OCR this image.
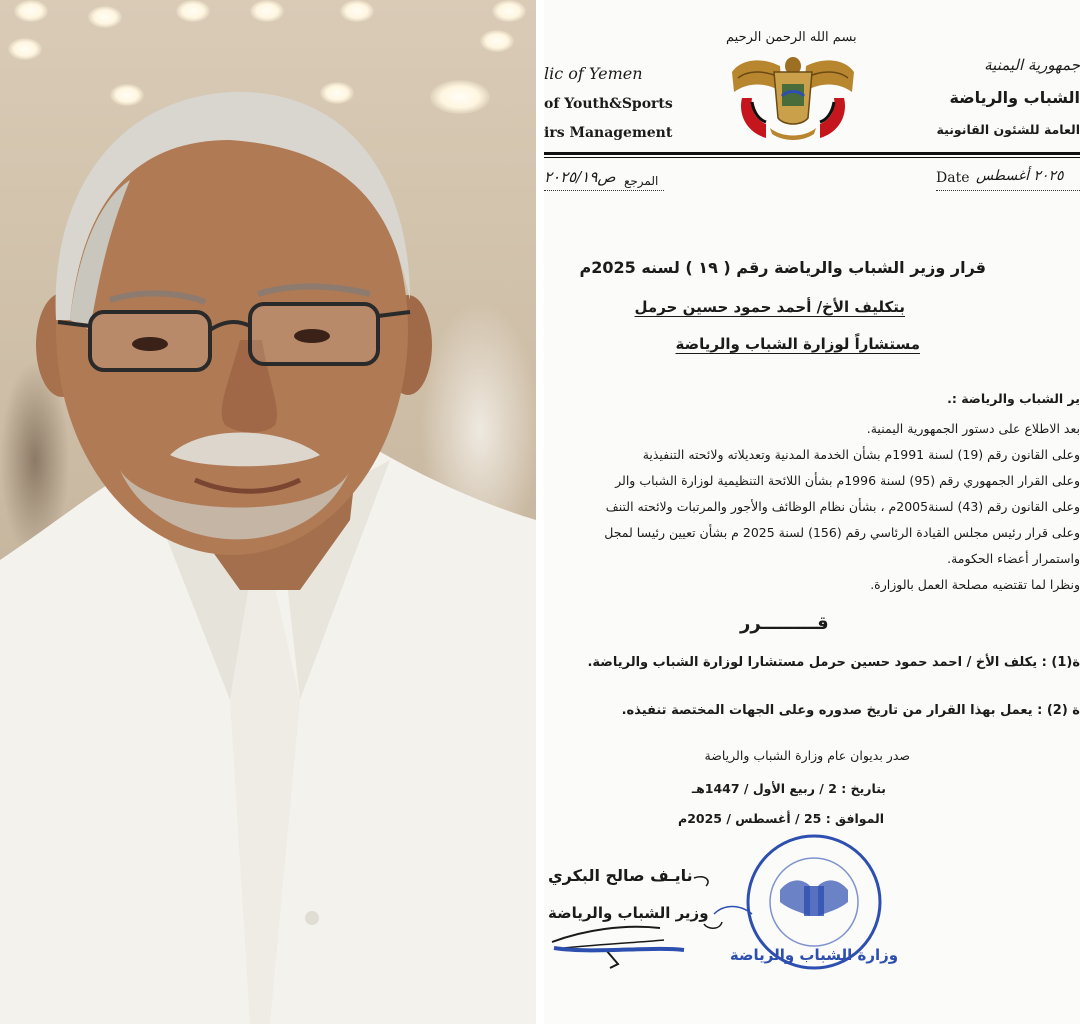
بسم الله الرحمن الرحيم
lic of Yemen
of Youth&Sports
irs Management
جمهورية اليمنية
الشباب والرياضة
العامة للشئون القانونية
المرجع
ص٢٠٢٥/١٩	Date ٢٠٢٥ أغسطس
قرار وزير الشباب والرياضة رقم ( ١٩ ) لسنه 2025م
بتكليف الأخ/ أحمد حمود حسين حرمل
مستشاراً لوزارة الشباب والرياضة
ير الشباب والرياضة :.
بعد الاطلاع على دستور الجمهورية اليمنية.
وعلى القانون رقم (19) لسنة 1991م بشأن الخدمة المدنية وتعديلاته ولائحته التنفيذية
وعلى القرار الجمهوري رقم (95) لسنة 1996م بشأن اللائحة التنظيمية لوزارة الشباب والر
وعلى القانون رقم (43) لسنة2005م ، بشأن نظام الوظائف والأجور والمرتبات ولائحته التنف
وعلى قرار رئيس مجلس القيادة الرئاسي رقم (156) لسنة 2025 م بشأن تعيين رئيسا لمجل
واستمرار أعضاء الحكومة.
ونظرا لما تقتضيه مصلحة العمل بالوزارة.
قـــــــــرر
ة(1) : يكلف الأخ / احمد حمود حسين حرمل مستشارا لوزارة الشباب والرياضة.
ة (2) : يعمل بهذا القرار من تاريخ صدوره وعلى الجهات المختصة تنفيذه.
صدر بديوان عام وزارة الشباب والرياضة
بتاريخ : 2 / ربيع الأول / 1447هـ
الموافق : 25 / أغسطس / 2025م
نايـف صالح البكري
وزير الشباب والرياضة
وزارة الشباب والرياضة
